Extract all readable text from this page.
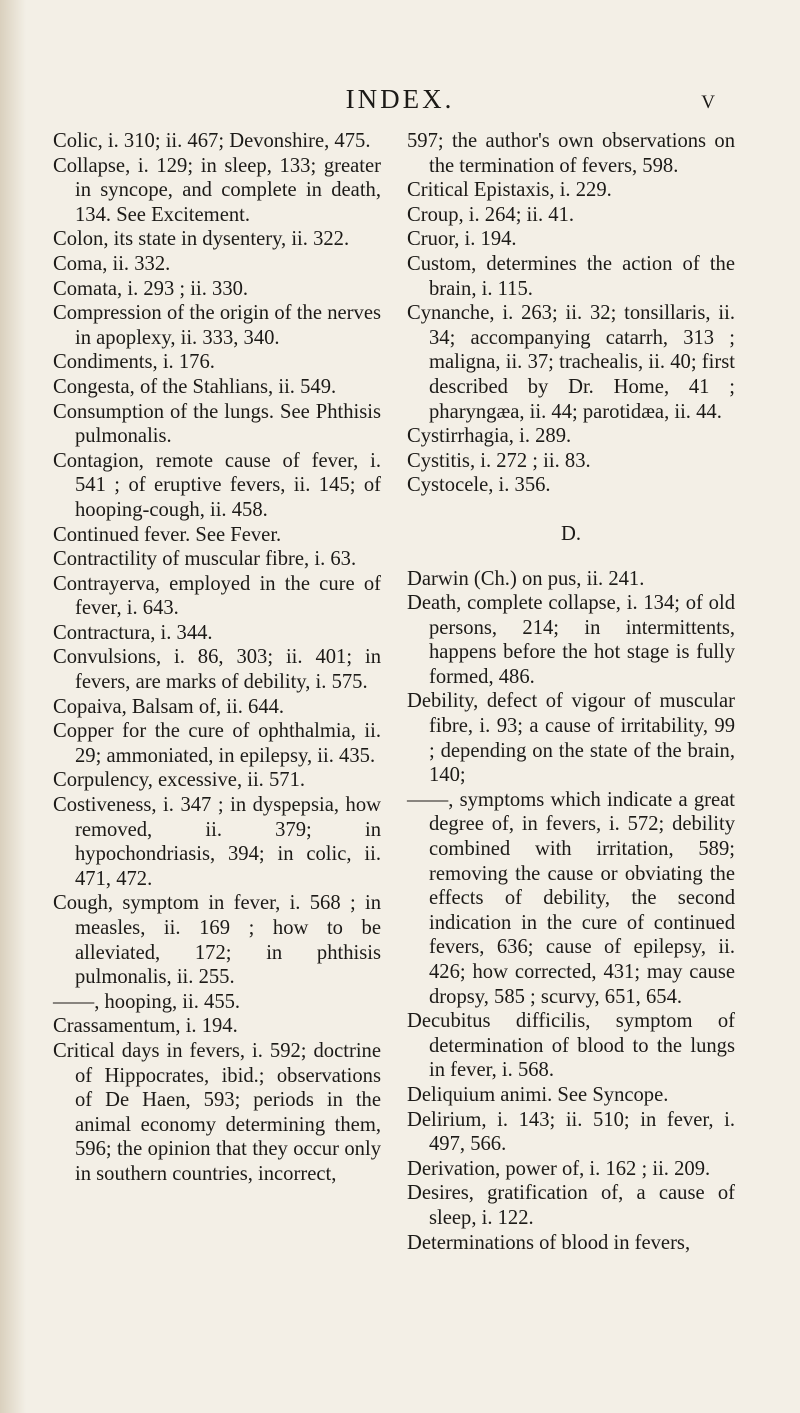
INDEX.	V

Colic, i. 310; ii. 467; Devonshire, 475.

Collapse, i. 129; in sleep, 133; greater in syncope, and complete in death, 134. See Excitement.

Colon, its state in dysentery, ii. 322.

Coma, ii. 332.

Comata, i. 293 ; ii. 330.

Compression of the origin of the nerves in apoplexy, ii. 333, 340.

Condiments, i. 176.

Congesta, of the Stahlians, ii. 549.

Consumption of the lungs. See Phthisis pulmonalis.

Contagion, remote cause of fever, i. 541 ; of eruptive fevers, ii. 145; of hooping-cough, ii. 458.

Continued fever. See Fever.

Contractility of muscular fibre, i. 63.

Contrayerva, employed in the cure of fever, i. 643.

Contractura, i. 344.

Convulsions, i. 86, 303; ii. 401; in fevers, are marks of debility, i. 575.

Copaiva, Balsam of, ii. 644.

Copper for the cure of ophthalmia, ii. 29; ammoniated, in epilepsy, ii. 435.

Corpulency, excessive, ii. 571.

Costiveness, i. 347 ; in dyspepsia, how removed, ii. 379; in hypochondriasis, 394; in colic, ii. 471, 472.

Cough, symptom in fever, i. 568 ; in measles, ii. 169 ; how to be alleviated, 172; in phthisis pulmonalis, ii. 255.

——, hooping, ii. 455.

Crassamentum, i. 194.

Critical days in fevers, i. 592; doctrine of Hippocrates, ibid.; observations of De Haen, 593; periods in the animal economy determining them, 596; the opinion that they occur only in southern countries, incorrect,

597; the author's own observations on the termination of fevers, 598.

Critical Epistaxis, i. 229.

Croup, i. 264; ii. 41.

Cruor, i. 194.

Custom, determines the action of the brain, i. 115.

Cynanche, i. 263; ii. 32; tonsillaris, ii. 34; accompanying catarrh, 313 ; maligna, ii. 37; trachealis, ii. 40; first described by Dr. Home, 41 ; pharyngæa, ii. 44; parotidæa, ii. 44.

Cystirrhagia, i. 289.

Cystitis, i. 272 ; ii. 83.

Cystocele, i. 356.

D.

Darwin (Ch.) on pus, ii. 241.

Death, complete collapse, i. 134; of old persons, 214; in intermittents, happens before the hot stage is fully formed, 486.

Debility, defect of vigour of muscular fibre, i. 93; a cause of irritability, 99 ; depending on the state of the brain, 140;

——, symptoms which indicate a great degree of, in fevers, i. 572; debility combined with irritation, 589; removing the cause or obviating the effects of debility, the second indication in the cure of continued fevers, 636; cause of epilepsy, ii. 426; how corrected, 431; may cause dropsy, 585 ; scurvy, 651, 654.

Decubitus difficilis, symptom of determination of blood to the lungs in fever, i. 568.

Deliquium animi. See Syncope.

Delirium, i. 143; ii. 510; in fever, i. 497, 566.

Derivation, power of, i. 162 ; ii. 209.

Desires, gratification of, a cause of sleep, i. 122.

Determinations of blood in fevers,
